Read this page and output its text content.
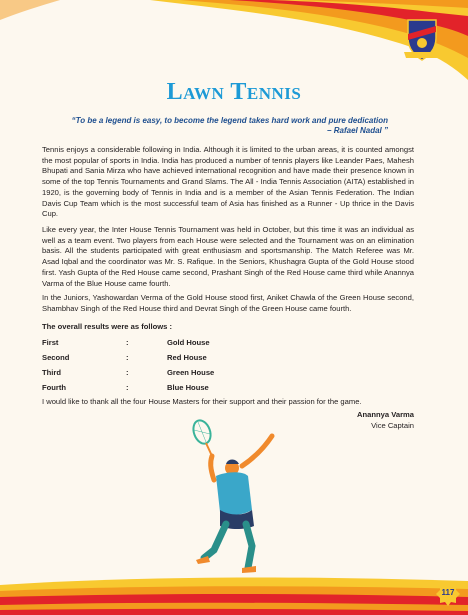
Lawn Tennis
“To be a legend is easy, to become the legend takes hard work and pure dedication
– Rafael Nadal ”

Tennis enjoys a considerable following in India. Although it is limited to the urban areas, it is counted amongst the most popular of sports in India. India has produced a number of tennis players like Leander Paes, Mahesh Bhupati and Sania Mirza who have achieved international recognition and have made their presence known in some of the top Tennis Tournaments and Grand Slams. The All - India Tennis Association (AITA) established in 1920, is the governing body of Tennis in India and is a member of the Asian Tennis Federation. The Indian Davis Cup Team which is the most successful team of Asia has finished as a Runner - Up thrice in the Davis Cup.

Like every year, the Inter House Tennis Tournament was held in October, but this time it was an individual as well as a team event. Two players from each House were selected and the Tournament was on an elimination basis. All the students participated with great enthusiasm and sportsmanship. The Match Referee was Mr. Asad Iqbal and the coordinator was Mr. S. Rafique. In the Seniors, Khushagra Gupta of the Gold House stood first. Yash Gupta of the Red House came second, Prashant Singh of the Red House came third while Anannya Varma of the Blue House came fourth.

In the Juniors, Yashowardan Verma of the Gold House stood first, Aniket Chawla of the Green House second, Shambhav Singh of the Red House third and Devrat Singh of the Green House came fourth.

The overall results were as follows :
First	:	Gold House
Second	:	Red House
Third	:	Green House
Fourth	:	Blue House
I would like to thank all the four House Masters for their support and their passion for the game.
Anannya Varma
Vice Captain
117
